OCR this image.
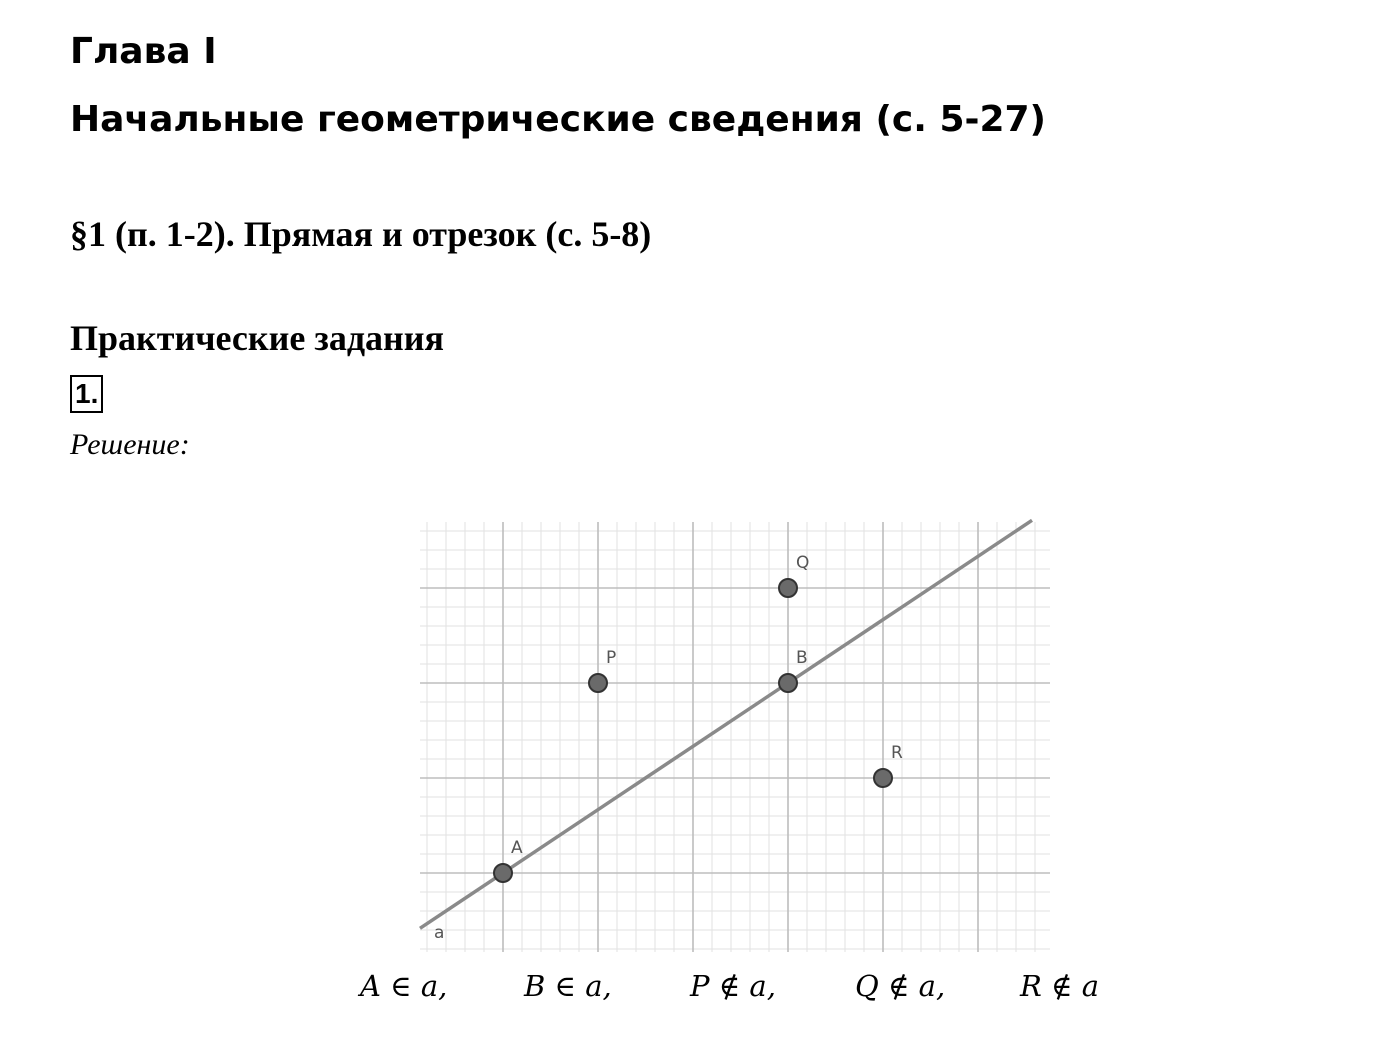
Глава I
Начальные геометрические сведения (с. 5-27)
§1 (п. 1-2). Прямая и отрезок (с. 5-8)
Практические задания
1.
Решение:
a
A
B
P
Q
R
A ∈ a,	B ∈ a,	P ∉ a,	Q ∉ a,	R ∉ a
